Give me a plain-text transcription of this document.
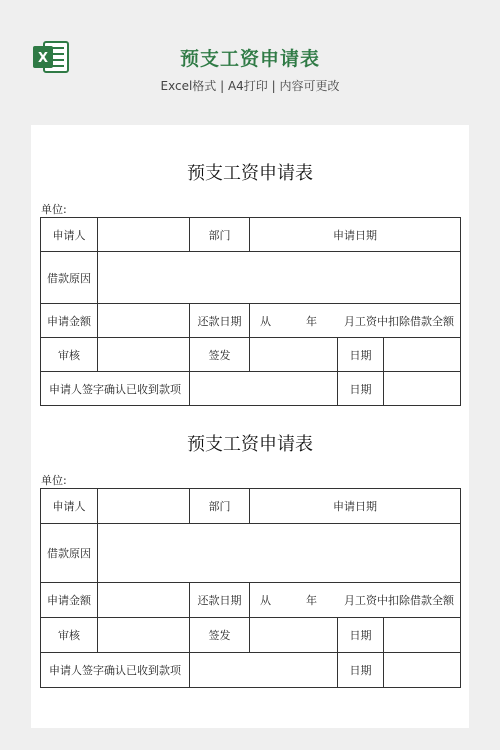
X	预支工资申请表
Excel格式 | A4打印 | 内容可更改
预支工资申请表
单位:
申请人		部门	申请日期		
借款原因					
申请金额		还款日期	从 年 月工资中扣除借款全额		

审核		签发		日期	
申请人签字确认已收到款项				日期	
预支工资申请表
单位:
申请人		部门	申请日期		
借款原因					
申请金额		还款日期	从 年 月工资中扣除借款全额		

审核		签发		日期	
申请人签字确认已收到款项				日期	
